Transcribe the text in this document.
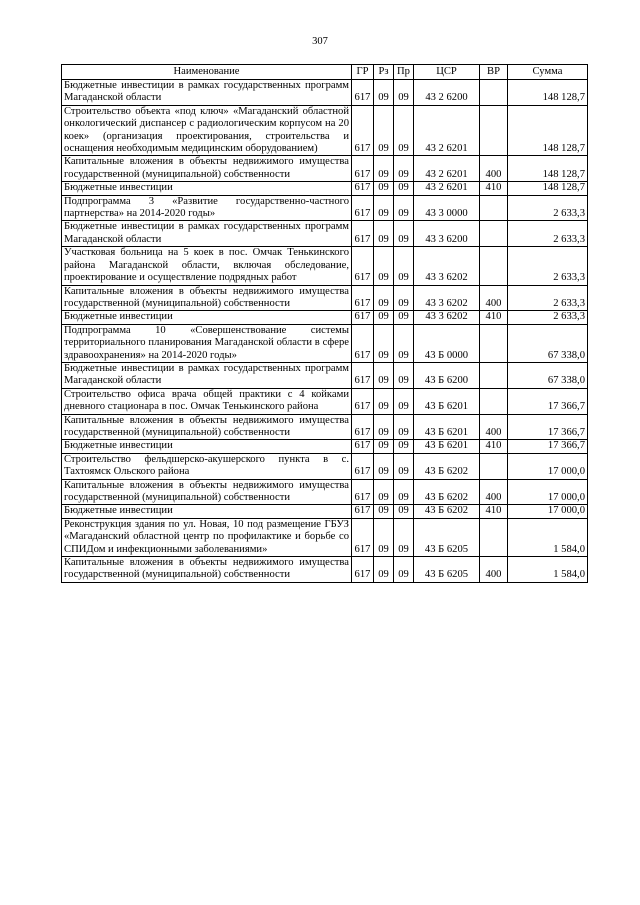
307
Наименование	ГР	Рз	Пр	ЦСР	ВР	Сумма
Бюджетные инвестиции в рамках государственных программ Магаданской области	617	09	09	43 2 6200		148 128,7
Строительство объекта «под ключ» «Магаданский областной онкологический диспансер с радиологическим корпусом на 20 коек» (организация проектирования, строительства и оснащения необходимым медицинским оборудованием)	617	09	09	43 2 6201		148 128,7
Капитальные вложения в объекты недвижимого имущества государственной (муниципальной) собственности	617	09	09	43 2 6201	400	148 128,7
Бюджетные инвестиции	617	09	09	43 2 6201	410	148 128,7
Подпрограмма 3 «Развитие государственно-частного партнерства» на 2014-2020 годы»	617	09	09	43 3 0000		2 633,3
Бюджетные инвестиции в рамках государственных программ Магаданской области	617	09	09	43 3 6200		2 633,3
Участковая больница на 5 коек в пос. Омчак Тенькинского района Магаданской области, включая обследование, проектирование и осуществление подрядных работ	617	09	09	43 3 6202		2 633,3
Капитальные вложения в объекты недвижимого имущества государственной (муниципальной) собственности	617	09	09	43 3 6202	400	2 633,3
Бюджетные инвестиции	617	09	09	43 3 6202	410	2 633,3
Подпрограмма 10 «Совершенствование системы территориального планирования Магаданской области в сфере здравоохранения» на 2014-2020 годы»	617	09	09	43 Б 0000		67 338,0
Бюджетные инвестиции в рамках государственных программ Магаданской области	617	09	09	43 Б 6200		67 338,0
Строительство офиса врача общей практики с 4 койками дневного стационара в пос. Омчак Тенькинского района	617	09	09	43 Б 6201		17 366,7
Капитальные вложения в объекты недвижимого имущества государственной (муниципальной) собственности	617	09	09	43 Б 6201	400	17 366,7
Бюджетные инвестиции	617	09	09	43 Б 6201	410	17 366,7
Строительство фельдшерско-акушерского пункта в с. Тахтоямск Ольского района	617	09	09	43 Б 6202		17 000,0
Капитальные вложения в объекты недвижимого имущества государственной (муниципальной) собственности	617	09	09	43 Б 6202	400	17 000,0
Бюджетные инвестиции	617	09	09	43 Б 6202	410	17 000,0
Реконструкция здания по ул. Новая, 10 под размещение ГБУЗ «Магаданский областной центр по профилактике и борьбе со СПИДом и инфекционными заболеваниями»	617	09	09	43 Б 6205		1 584,0
Капитальные вложения в объекты недвижимого имущества государственной (муниципальной) собственности	617	09	09	43 Б 6205	400	1 584,0
